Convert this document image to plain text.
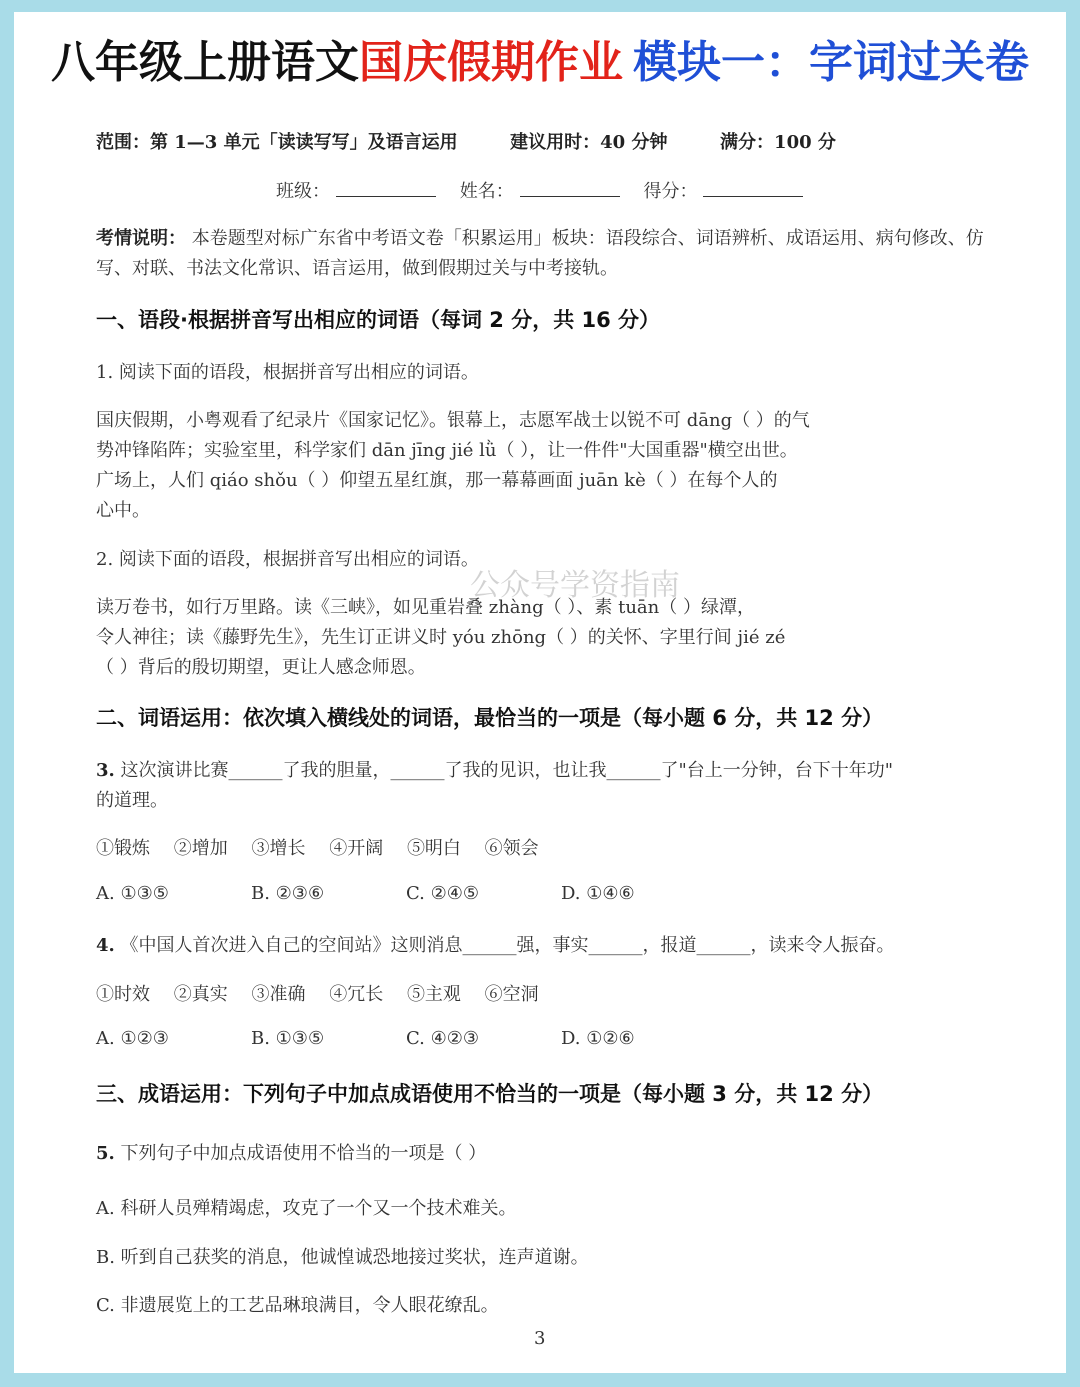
八年级上册语文 国庆假期作业 模块一：字词过关卷
范围：第 1—3 单元「读读写写」及语言运用	建议用时：40 分钟	满分：100 分
班级：	姓名：	得分：
考情说明： 本卷题型对标广东省中考语文卷「积累运用」板块：语段综合、词语辨析、成语运用、病句修改、仿写、对联、书法文化常识、语言运用，做到假期过关与中考接轨。
一、语段·根据拼音写出相应的词语（每词 2 分，共 16 分）
1. 阅读下面的语段，根据拼音写出相应的词语。
国庆假期，小粤观看了纪录片《国家记忆》。银幕上，志愿军战士以锐不可 dāng（ ）的气
势冲锋陷阵；实验室里，科学家们 dān jīng jié lǜ（ ），让一件件"大国重器"横空出世。
广场上，人们 qiáo shǒu（ ）仰望五星红旗，那一幕幕画面 juān kè（ ）在每个人的
心中。
2. 阅读下面的语段，根据拼音写出相应的词语。
读万卷书，如行万里路。读《三峡》，如见重岩叠 zhàng（ ）、素 tuān（ ）绿潭，
令人神往；读《藤野先生》，先生订正讲义时 yóu zhōng（ ）的关怀、字里行间 jié zé
（ ）背后的殷切期望，更让人感念师恩。
公众号学资指南
二、词语运用：依次填入横线处的词语，最恰当的一项是（每小题 6 分，共 12 分）
3. 这次演讲比赛______了我的胆量，______了我的见识，也让我______了"台上一分钟，台下十年功"
的道理。
①锻炼 ②增加 ③增长 ④开阔 ⑤明白 ⑥领会
A. ①③⑤	B. ②③⑥	C. ②④⑤	D. ①④⑥
4. 《中国人首次进入自己的空间站》这则消息______强，事实______，报道______，读来令人振奋。
①时效 ②真实 ③准确 ④冗长 ⑤主观 ⑥空洞
A. ①②③	B. ①③⑤	C. ④②③	D. ①②⑥
三、成语运用：下列句子中加点成语使用不恰当的一项是（每小题 3 分，共 12 分）
5. 下列句子中加点成语使用不恰当的一项是（ ）
A. 科研人员殚精竭虑，攻克了一个又一个技术难关。
B. 听到自己获奖的消息，他诚惶诚恐地接过奖状，连声道谢。
C. 非遗展览上的工艺品琳琅满目，令人眼花缭乱。
3
